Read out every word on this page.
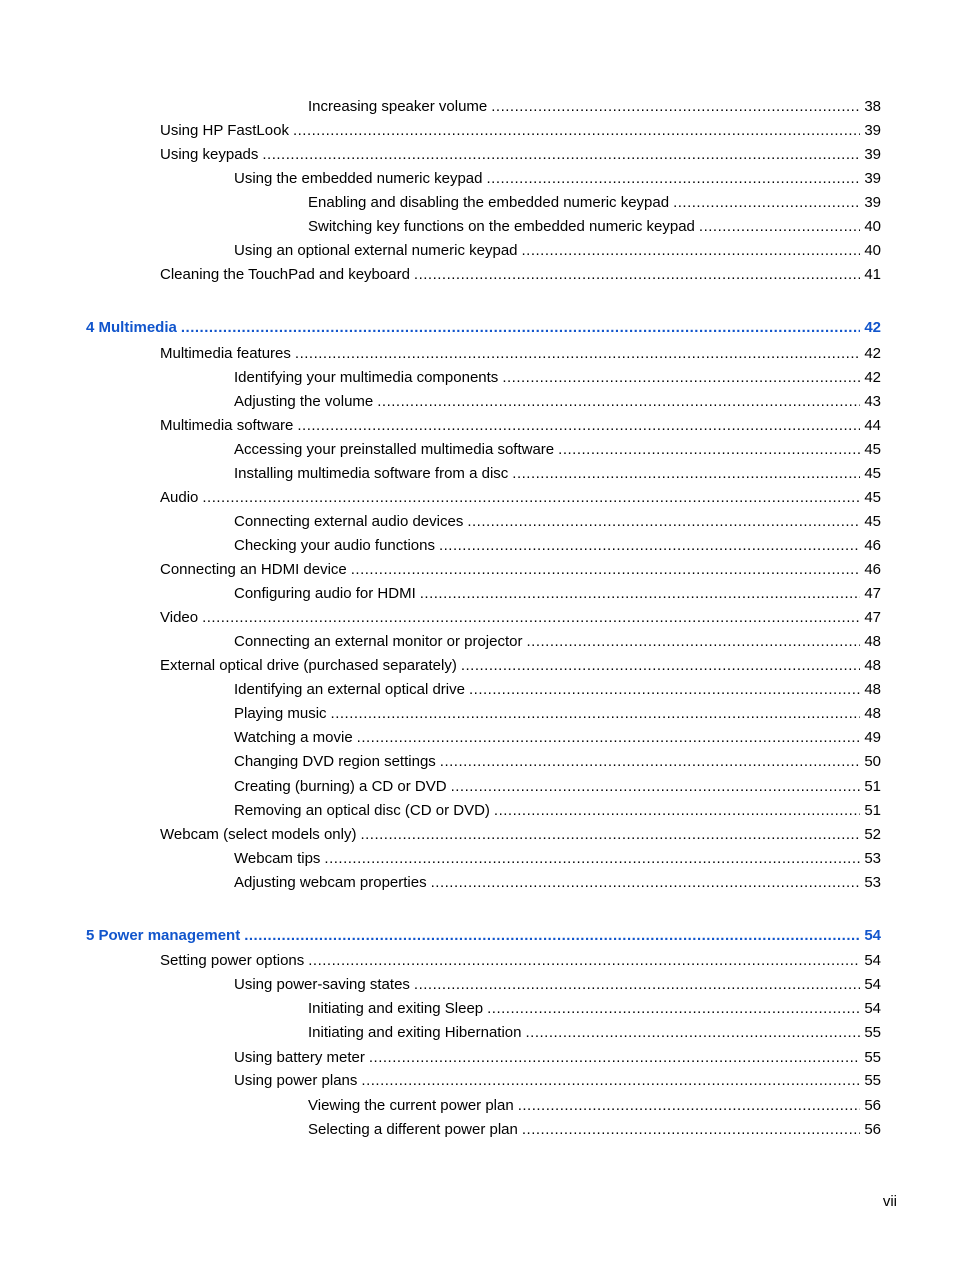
Increasing speaker volume .....	38
Using HP FastLook .....	39
Using keypads .....	39
Using the embedded numeric keypad .....	39
Enabling and disabling the embedded numeric keypad .....	39
Switching key functions on the embedded numeric keypad .....	40
Using an optional external numeric keypad .....	40
Cleaning the TouchPad and keyboard .....	41
4 Multimedia .....	42
Multimedia features .....	42
Identifying your multimedia components .....	42
Adjusting the volume .....	43
Multimedia software .....	44
Accessing your preinstalled multimedia software .....	45
Installing multimedia software from a disc .....	45
Audio .....	45
Connecting external audio devices .....	45
Checking your audio functions .....	46
Connecting an HDMI device .....	46
Configuring audio for HDMI .....	47
Video .....	47
Connecting an external monitor or projector .....	48
External optical drive (purchased separately) .....	48
Identifying an external optical drive .....	48
Playing music .....	48
Watching a movie .....	49
Changing DVD region settings .....	50
Creating (burning) a CD or DVD .....	51
Removing an optical disc (CD or DVD) .....	51
Webcam (select models only) .....	52
Webcam tips .....	53
Adjusting webcam properties .....	53
5 Power management .....	54
Setting power options .....	54
Using power-saving states .....	54
Initiating and exiting Sleep .....	54
Initiating and exiting Hibernation .....	55
Using battery meter .....	55
Using power plans .....	55
Viewing the current power plan .....	56
Selecting a different power plan .....	56
vii
